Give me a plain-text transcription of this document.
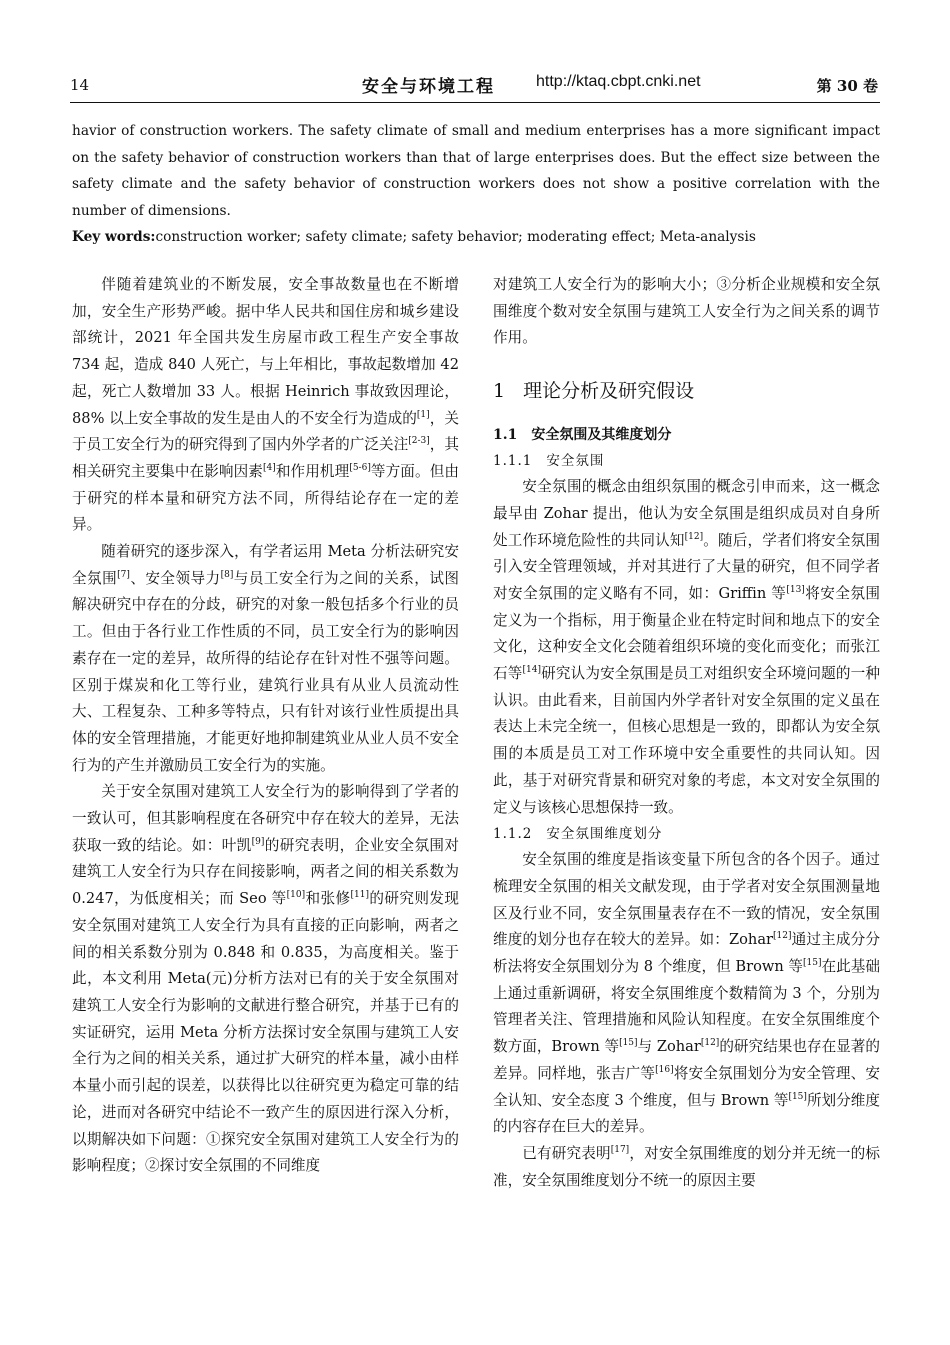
14	安全与环境工程	http://ktaq.cbpt.cnki.net	第 30 卷

havior of construction workers. The safety climate of small and medium enterprises has a more significant impact on the safety behavior of construction workers than that of large enterprises does. But the effect size between the safety climate and the safety behavior of construction workers does not show a positive correlation with the number of dimensions.

Key words:construction worker; safety climate; safety behavior; moderating effect; Meta-analysis

伴随着建筑业的不断发展，安全事故数量也在不断增加，安全生产形势严峻。据中华人民共和国住房和城乡建设部统计，2021 年全国共发生房屋市政工程生产安全事故 734 起，造成 840 人死亡，与上年相比，事故起数增加 42 起，死亡人数增加 33 人。根据 Heinrich 事故致因理论，88% 以上安全事故的发生是由人的不安全行为造成的[1]，关于员工安全行为的研究得到了国内外学者的广泛关注[2-3]，其相关研究主要集中在影响因素[4]和作用机理[5-6]等方面。但由于研究的样本量和研究方法不同，所得结论存在一定的差异。

随着研究的逐步深入，有学者运用 Meta 分析法研究安全氛围[7]、安全领导力[8]与员工安全行为之间的关系，试图解决研究中存在的分歧，研究的对象一般包括多个行业的员工。但由于各行业工作性质的不同，员工安全行为的影响因素存在一定的差异，故所得的结论存在针对性不强等问题。区别于煤炭和化工等行业，建筑行业具有从业人员流动性大、工程复杂、工种多等特点，只有针对该行业性质提出具体的安全管理措施，才能更好地抑制建筑业从业人员不安全行为的产生并激励员工安全行为的实施。

关于安全氛围对建筑工人安全行为的影响得到了学者的一致认可，但其影响程度在各研究中存在较大的差异，无法获取一致的结论。如：叶凯[9]的研究表明，企业安全氛围对建筑工人安全行为只存在间接影响，两者之间的相关系数为 0.247，为低度相关；而 Seo 等[10]和张修[11]的研究则发现安全氛围对建筑工人安全行为具有直接的正向影响，两者之间的相关系数分别为 0.848 和 0.835，为高度相关。鉴于此，本文利用 Meta(元)分析方法对已有的关于安全氛围对建筑工人安全行为影响的文献进行整合研究，并基于已有的实证研究，运用 Meta 分析方法探讨安全氛围与建筑工人安全行为之间的相关关系，通过扩大研究的样本量，减小由样本量小而引起的误差，以获得比以往研究更为稳定可靠的结论，进而对各研究中结论不一致产生的原因进行深入分析，以期解决如下问题：①探究安全氛围对建筑工人安全行为的影响程度；②探讨安全氛围的不同维度

对建筑工人安全行为的影响大小；③分析企业规模和安全氛围维度个数对安全氛围与建筑工人安全行为之间关系的调节作用。

1 理论分析及研究假设
1.1 安全氛围及其维度划分
1.1.1 安全氛围

安全氛围的概念由组织氛围的概念引申而来，这一概念最早由 Zohar 提出，他认为安全氛围是组织成员对自身所处工作环境危险性的共同认知[12]。随后，学者们将安全氛围引入安全管理领域，并对其进行了大量的研究，但不同学者对安全氛围的定义略有不同，如：Griffin 等[13]将安全氛围定义为一个指标，用于衡量企业在特定时间和地点下的安全文化，这种安全文化会随着组织环境的变化而变化；而张江石等[14]研究认为安全氛围是员工对组织安全环境问题的一种认识。由此看来，目前国内外学者针对安全氛围的定义虽在表达上未完全统一，但核心思想是一致的，即都认为安全氛围的本质是员工对工作环境中安全重要性的共同认知。因此，基于对研究背景和研究对象的考虑，本文对安全氛围的定义与该核心思想保持一致。

1.1.2 安全氛围维度划分

安全氛围的维度是指该变量下所包含的各个因子。通过梳理安全氛围的相关文献发现，由于学者对安全氛围测量地区及行业不同，安全氛围量表存在不一致的情况，安全氛围维度的划分也存在较大的差异。如：Zohar[12]通过主成分分析法将安全氛围划分为 8 个维度，但 Brown 等[15]在此基础上通过重新调研，将安全氛围维度个数精简为 3 个，分别为管理者关注、管理措施和风险认知程度。在安全氛围维度个数方面，Brown 等[15]与 Zohar[12]的研究结果也存在显著的差异。同样地，张吉广等[16]将安全氛围划分为安全管理、安全认知、安全态度 3 个维度，但与 Brown 等[15]所划分维度的内容存在巨大的差异。

已有研究表明[17]，对安全氛围维度的划分并无统一的标准，安全氛围维度划分不统一的原因主要
